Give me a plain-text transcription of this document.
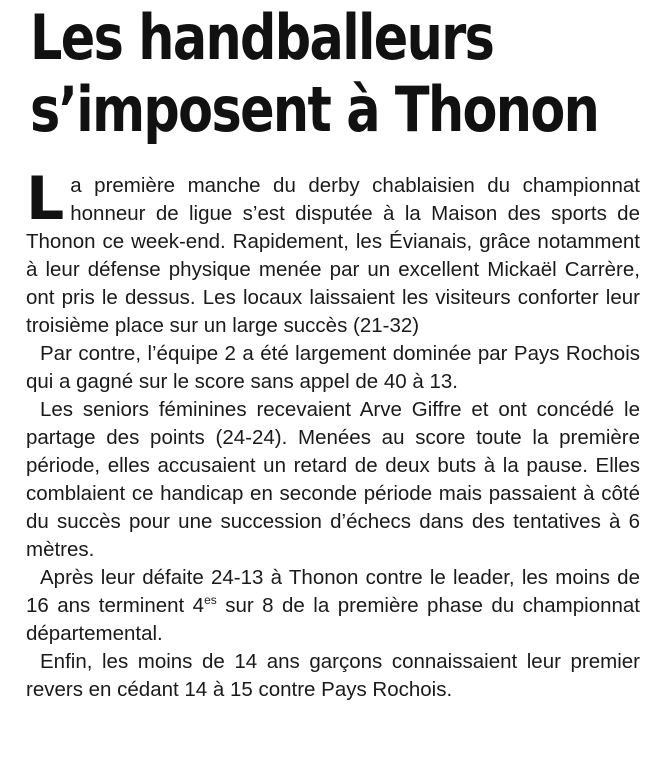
Les handballeurs
s’imposent à Thonon

L a première manche du derby chablaisien du championnat honneur de ligue s’est disputée à la Maison des sports de Thonon ce week-end. Rapidement, les Évianais, grâce notamment à leur défense physique menée par un excellent Mickaël Carrère, ont pris le dessus. Les locaux laissaient les visiteurs conforter leur troisième place sur un large succès (21-32)

Par contre, l’équipe 2 a été largement dominée par Pays Rochois qui a gagné sur le score sans appel de 40 à 13.

Les seniors féminines recevaient Arve Giffre et ont concédé le partage des points (24-24). Menées au score toute la première période, elles accusaient un retard de deux buts à la pause. Elles comblaient ce handicap en seconde période mais passaient à côté du succès pour une succession d’échecs dans des tentatives à 6 mètres.

Après leur défaite 24-13 à Thonon contre le leader, les moins de 16 ans terminent $4^{es}$ sur 8 de la première phase du championnat départemental.

Enfin, les moins de 14 ans garçons connaissaient leur premier revers en cédant 14 à 15 contre Pays Rochois.
